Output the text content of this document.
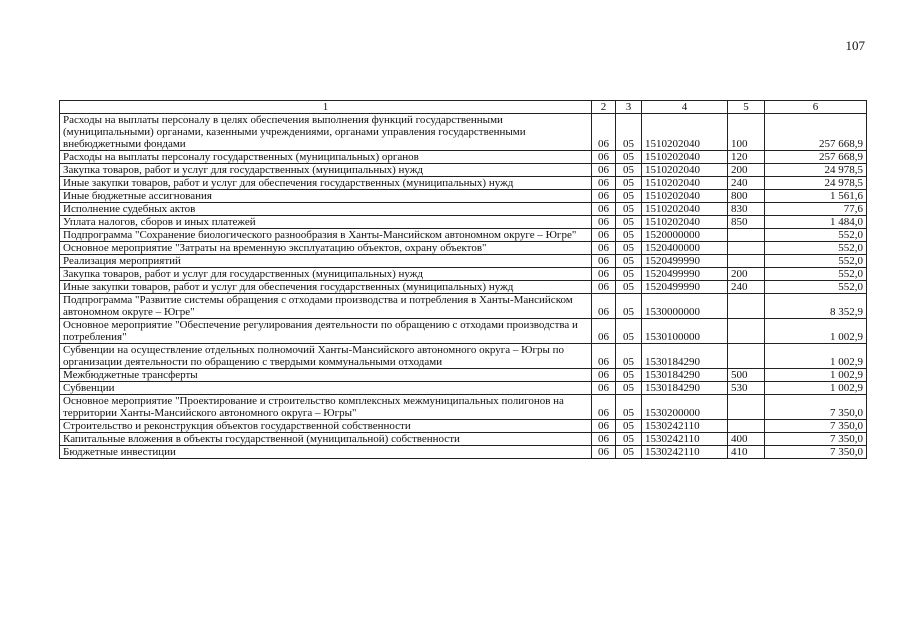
107
1	2	3	4	5	6
Расходы на выплаты персоналу в целях обеспечения выполнения функций государственными (муниципальными) органами, казенными учреждениями, органами управления государственными внебюджетными фондами	06	05	1510202040	100	257 668,9
Расходы на выплаты персоналу государственных (муниципальных) органов	06	05	1510202040	120	257 668,9
Закупка товаров, работ и услуг для государственных (муниципальных) нужд	06	05	1510202040	200	24 978,5
Иные закупки товаров, работ и услуг для обеспечения государственных (муниципальных) нужд	06	05	1510202040	240	24 978,5
Иные бюджетные ассигнования	06	05	1510202040	800	1 561,6
Исполнение судебных актов	06	05	1510202040	830	77,6
Уплата налогов, сборов и иных платежей	06	05	1510202040	850	1 484,0
Подпрограмма "Сохранение биологического разнообразия в Ханты-Мансийском автономном округе – Югре"	06	05	1520000000		552,0
Основное мероприятие "Затраты на временную эксплуатацию объектов, охрану объектов"	06	05	1520400000		552,0
Реализация мероприятий	06	05	1520499990		552,0
Закупка товаров, работ и услуг для государственных (муниципальных) нужд	06	05	1520499990	200	552,0
Иные закупки товаров, работ и услуг для обеспечения государственных (муниципальных) нужд	06	05	1520499990	240	552,0
Подпрограмма "Развитие системы обращения с отходами производства и потребления в Ханты-Мансийском автономном округе – Югре"	06	05	1530000000		8 352,9
Основное мероприятие "Обеспечение регулирования деятельности по обращению с отходами производства и потребления"	06	05	1530100000		1 002,9
Субвенции на осуществление отдельных полномочий Ханты-Мансийского автономного округа – Югры по организации деятельности по обращению с твердыми коммунальными отходами	06	05	1530184290		1 002,9
Межбюджетные трансферты	06	05	1530184290	500	1 002,9
Субвенции	06	05	1530184290	530	1 002,9
Основное мероприятие "Проектирование и строительство комплексных межмуниципальных полигонов на территории Ханты-Мансийского автономного округа – Югры"	06	05	1530200000		7 350,0
Строительство и реконструкция объектов государственной собственности	06	05	1530242110		7 350,0
Капитальные вложения в объекты государственной (муниципальной) собственности	06	05	1530242110	400	7 350,0
Бюджетные инвестиции	06	05	1530242110	410	7 350,0
